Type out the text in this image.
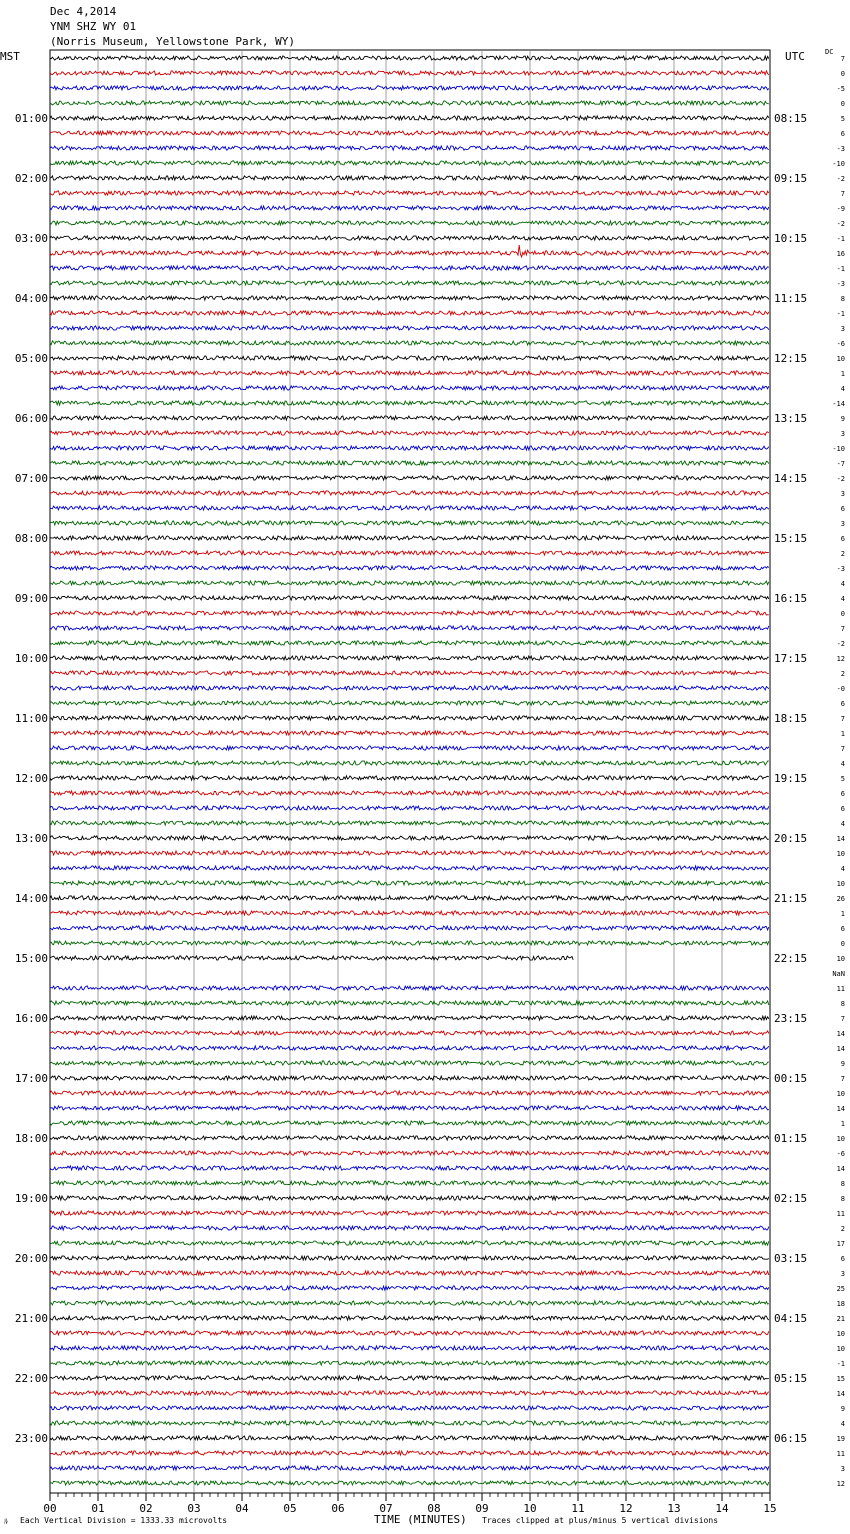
Dec 4,2014
YNM SHZ WY 01
(Norris Museum, Yellowstone Park, WY)
MST	UTC	DC
01:00
02:00
03:00
04:00
05:00
06:00
07:00
08:00
09:00
10:00
11:00
12:00
13:00
14:00
15:00
16:00
17:00
18:00
19:00
20:00
21:00
22:00
23:00
08:15
09:15
10:15
11:15
12:15
13:15
14:15
15:15
16:15
17:15
18:15
19:15
20:15
21:15
22:15
23:15
00:15
01:15
02:15
03:15
04:15
05:15
06:15
7
0
-5
0
5
6
-3
-10
-2
7
-9
-2
-1
16
-1
-3
8
-1
3
-6
10
1
4
-14
9
3
-10
-7
-2
3
6
3
6
2
-3
4
4
0
7
-2
12
2
-0
6
7
1
7
4
5
6
6
4
14
10
4
10
26
1
6
0
10
NaN
11
8
7
14
14
9
7
10
14
1
10
-6
14
8
8
11
2
17
6
3
25
18
21
10
10
-1
15
14
9
4
19
11
3
12
00	01	02	03	04	05	06	07	08	09	10	11	12	13	14	15
ﾙ Each Vertical Division = 1333.33 microvolts	TIME (MINUTES) Traces clipped at plus/minus 5 vertical divisions
